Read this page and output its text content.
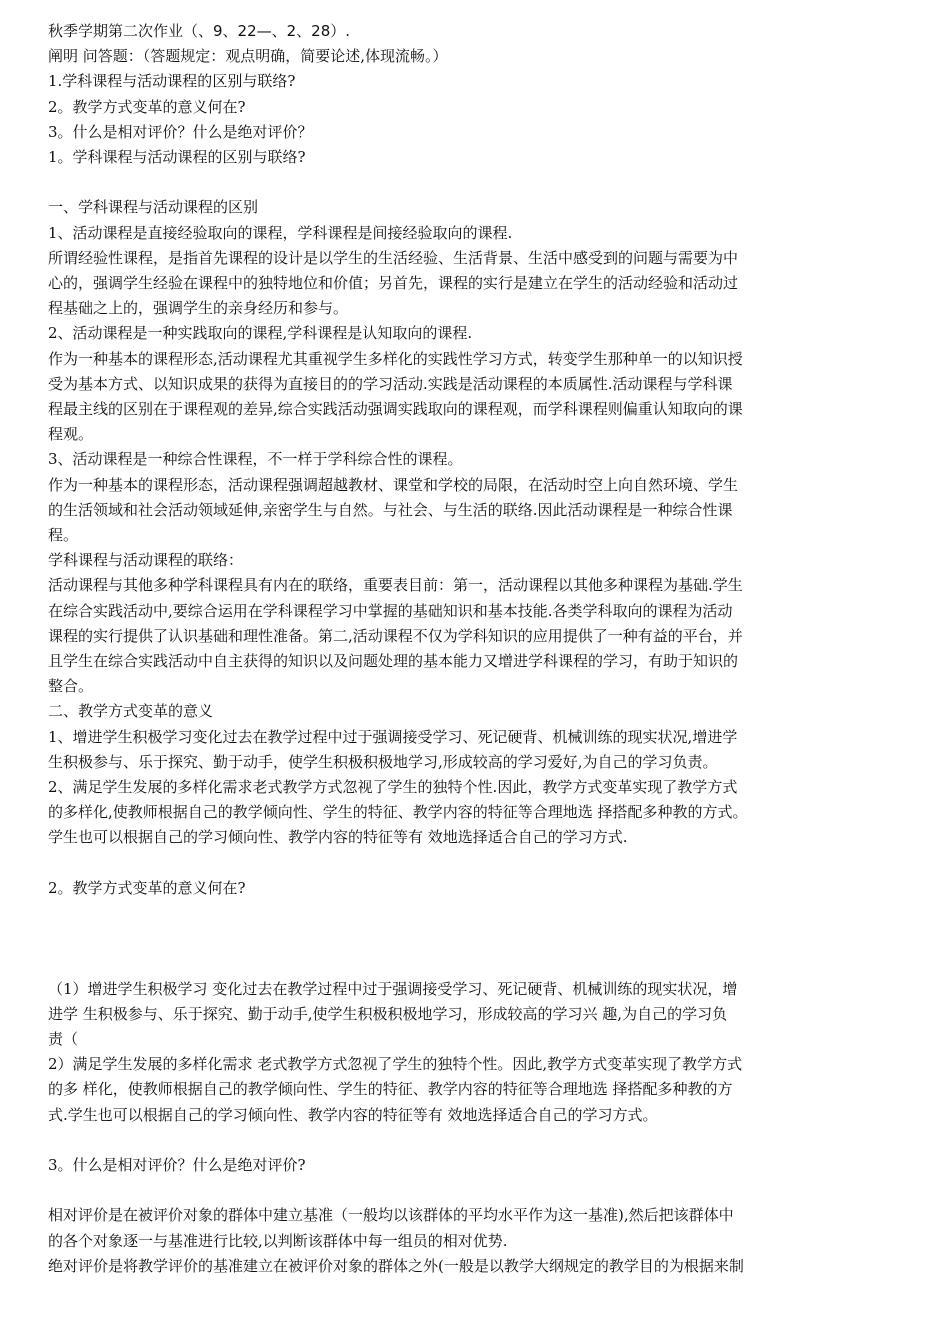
秋季学期第二次作业（、9、22—、2、28）.
阐明 问答题：（答题规定：观点明确，简要论述,体现流畅。）
1.学科课程与活动课程的区别与联络?
2。教学方式变革的意义何在?
3。什么是相对评价？什么是绝对评价？
1。学科课程与活动课程的区别与联络?
一、学科课程与活动课程的区别
1、活动课程是直接经验取向的课程，学科课程是间接经验取向的课程.
所谓经验性课程，是指首先课程的设计是以学生的生活经验、生活背景、生活中感受到的问题与需要为中
心的，强调学生经验在课程中的独特地位和价值；另首先，课程的实行是建立在学生的活动经验和活动过
程基础之上的，强调学生的亲身经历和参与。
2、活动课程是一种实践取向的课程,学科课程是认知取向的课程.
作为一种基本的课程形态,活动课程尤其重视学生多样化的实践性学习方式，转变学生那种单一的以知识授
受为基本方式、以知识成果的获得为直接目的的学习活动.实践是活动课程的本质属性.活动课程与学科课
程最主线的区别在于课程观的差异,综合实践活动强调实践取向的课程观，而学科课程则偏重认知取向的课
程观。
3、活动课程是一种综合性课程，不一样于学科综合性的课程。
作为一种基本的课程形态，活动课程强调超越教材、课堂和学校的局限，在活动时空上向自然环境、学生
的生活领域和社会活动领域延伸,亲密学生与自然。与社会、与生活的联络.因此活动课程是一种综合性课
程。
学科课程与活动课程的联络：
活动课程与其他多种学科课程具有内在的联络，重要表目前：第一，活动课程以其他多种课程为基础.学生
在综合实践活动中,要综合运用在学科课程学习中掌握的基础知识和基本技能.各类学科取向的课程为活动
课程的实行提供了认识基础和理性准备。第二,活动课程不仅为学科知识的应用提供了一种有益的平台，并
且学生在综合实践活动中自主获得的知识以及问题处理的基本能力又增进学科课程的学习，有助于知识的
整合。
二、教学方式变革的意义
1、增进学生积极学习变化过去在教学过程中过于强调接受学习、死记硬背、机械训练的现实状况,增进学
生积极参与、乐于探究、勤于动手，使学生积极积极地学习,形成较高的学习爱好,为自己的学习负责。
2、满足学生发展的多样化需求老式教学方式忽视了学生的独特个性.因此，教学方式变革实现了教学方式
的多样化,使教师根据自己的教学倾向性、学生的特征、教学内容的特征等合理地选 择搭配多种教的方式。
学生也可以根据自己的学习倾向性、教学内容的特征等有 效地选择适合自己的学习方式.
2。教学方式变革的意义何在?
（1）增进学生积极学习 变化过去在教学过程中过于强调接受学习、死记硬背、机械训练的现实状况，增
进学 生积极参与、乐于探究、勤于动手,使学生积极积极地学习，形成较高的学习兴 趣,为自己的学习负
责（
2）满足学生发展的多样化需求 老式教学方式忽视了学生的独特个性。因此,教学方式变革实现了教学方式
的多 样化，使教师根据自己的教学倾向性、学生的特征、教学内容的特征等合理地选 择搭配多种教的方
式.学生也可以根据自己的学习倾向性、教学内容的特征等有 效地选择适合自己的学习方式。
3。什么是相对评价？什么是绝对评价?
相对评价是在被评价对象的群体中建立基准（一般均以该群体的平均水平作为这一基准),然后把该群体中
的各个对象逐一与基准进行比较,以判断该群体中每一组员的相对优势.
绝对评价是将教学评价的基准建立在被评价对象的群体之外(一般是以教学大纲规定的教学目的为根据来制
